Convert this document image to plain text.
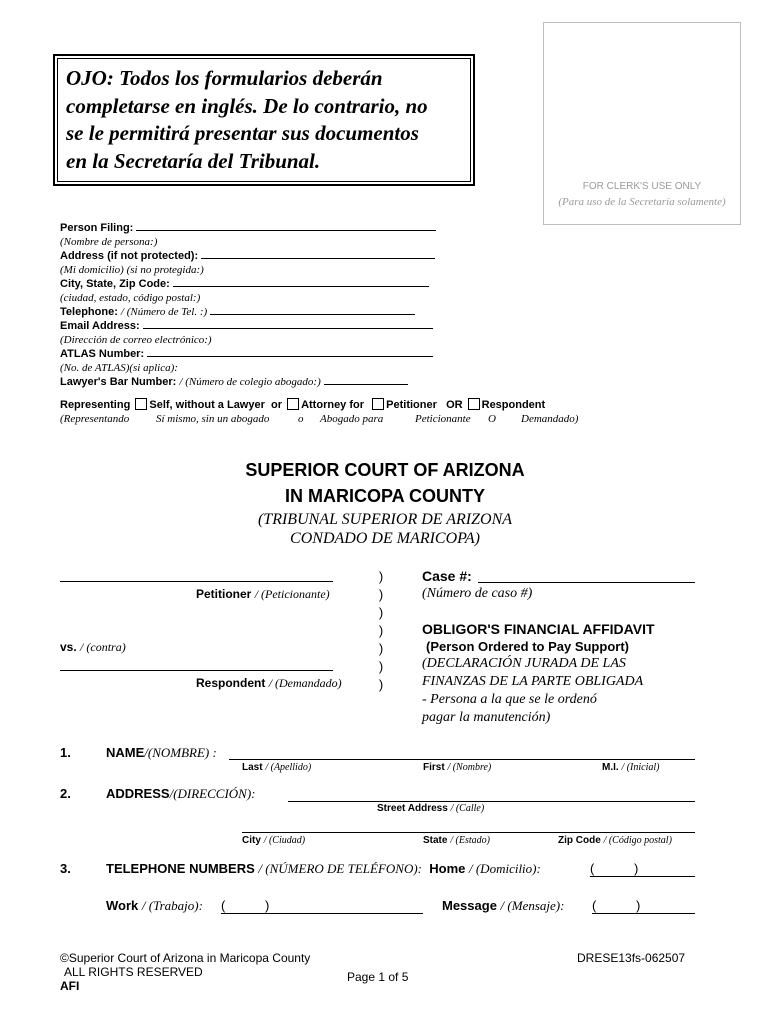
OJO: Todos los formularios deberán
completarse en inglés. De lo contrario, no
se le permitirá presentar sus documentos
en la Secretaría del Tribunal.
FOR CLERK'S USE ONLY
(Para uso de la Secretaría solamente)
Person Filing:
(Nombre de persona:)
Address (if not protected):
(Mi domicilio) (si no protegida:)
City, State, Zip Code:
(ciudad, estado, código postal:)
Telephone: / (Número de Tel. :)
Email Address:
(Dirección de correo electrónico:)
ATLAS Number:
(No. de ATLAS)(si aplica):
Lawyer's Bar Number: / (Número de colegio abogado:)
Representing Self, without a Lawyer or Attorney for Petitioner OR Respondent
(Representando Sí mismo, sin un abogado	o Abogado para	Peticionante O Demandado)
SUPERIOR COURT OF ARIZONA
IN MARICOPA COUNTY
(TRIBUNAL SUPERIOR DE ARIZONA
CONDADO DE MARICOPA)
Petitioner / (Peticionante)
vs. / (contra)
Respondent / (Demandado)
)
)
)
)
)
)
)
Case #:
(Número de caso #)
OBLIGOR'S FINANCIAL AFFIDAVIT
(Person Ordered to Pay Support)
(DECLARACIÓN JURADA DE LAS
FINANZAS DE LA PARTE OBLIGADA
- Persona a la que se le ordenó
pagar la manutención)
1.	NAME/(NOMBRE) :
Last / (Apellido)	First / (Nombre)	M.I. / (Inicial)
2.	ADDRESS/(DIRECCIÓN):
Street Address / (Calle)
City / (Ciudad)	State / (Estado)	Zip Code / (Código postal)
3.	TELEPHONE NUMBERS / (NÚMERO DE TELÉFONO): Home / (Domicilio):	(	)
Work / (Trabajo): (	)	Message / (Mensaje): (	)
©Superior Court of Arizona in Maricopa County
ALL RIGHTS RESERVED
AFI
Page 1 of 5
DRESE13fs-062507
